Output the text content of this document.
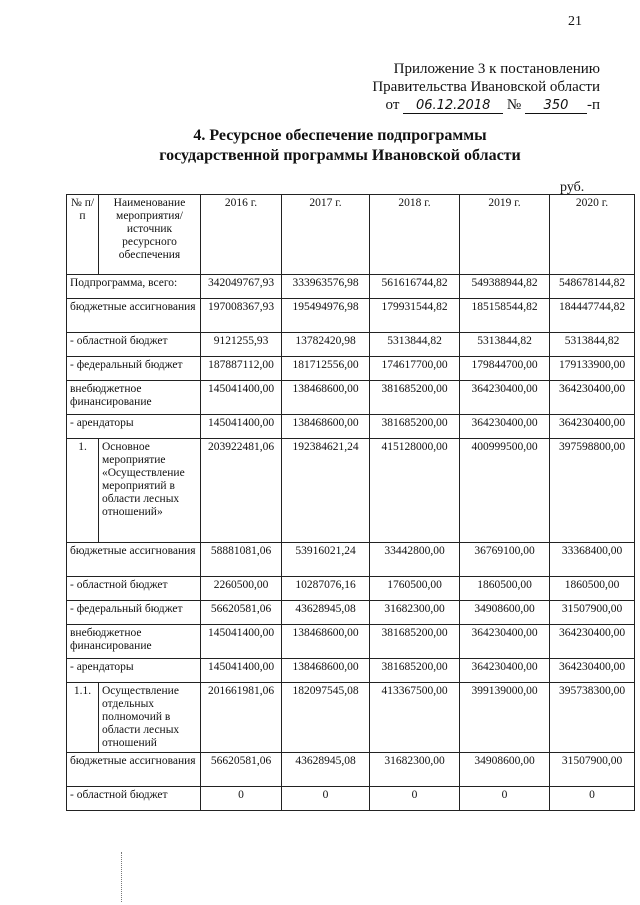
21
Приложение 3 к постановлению
Правительства Ивановской области
от 06.12.2018 № 350 -п
4. Ресурсное обеспечение подпрограммы
государственной программы Ивановской области
руб.
№ п/п	Наименование мероприятия/ источник ресурсного обеспечения	2016 г.	2017 г.	2018 г.	2019 г.	2020 г.
Подпрограмма, всего:		342049767,93	333963576,98	561616744,82	549388944,82	548678144,82
бюджетные ассигнования		197008367,93	195494976,98	179931544,82	185158544,82	184447744,82
- областной бюджет		9121255,93	13782420,98	5313844,82	5313844,82	5313844,82
- федеральный бюджет		187887112,00	181712556,00	174617700,00	179844700,00	179133900,00
внебюджетное финансирование		145041400,00	138468600,00	381685200,00	364230400,00	364230400,00
- арендаторы		145041400,00	138468600,00	381685200,00	364230400,00	364230400,00
1.	Основное мероприятие «Осуществление мероприятий в области лесных отношений»	203922481,06	192384621,24	415128000,00	400999500,00	397598800,00
бюджетные ассигнования		58881081,06	53916021,24	33442800,00	36769100,00	33368400,00
- областной бюджет		2260500,00	10287076,16	1760500,00	1860500,00	1860500,00
- федеральный бюджет		56620581,06	43628945,08	31682300,00	34908600,00	31507900,00
внебюджетное финансирование		145041400,00	138468600,00	381685200,00	364230400,00	364230400,00
- арендаторы		145041400,00	138468600,00	381685200,00	364230400,00	364230400,00
1.1.	Осуществление отдельных полномочий в области лесных отношений	201661981,06	182097545,08	413367500,00	399139000,00	395738300,00
бюджетные ассигнования		56620581,06	43628945,08	31682300,00	34908600,00	31507900,00
- областной бюджет		0	0	0	0	0
